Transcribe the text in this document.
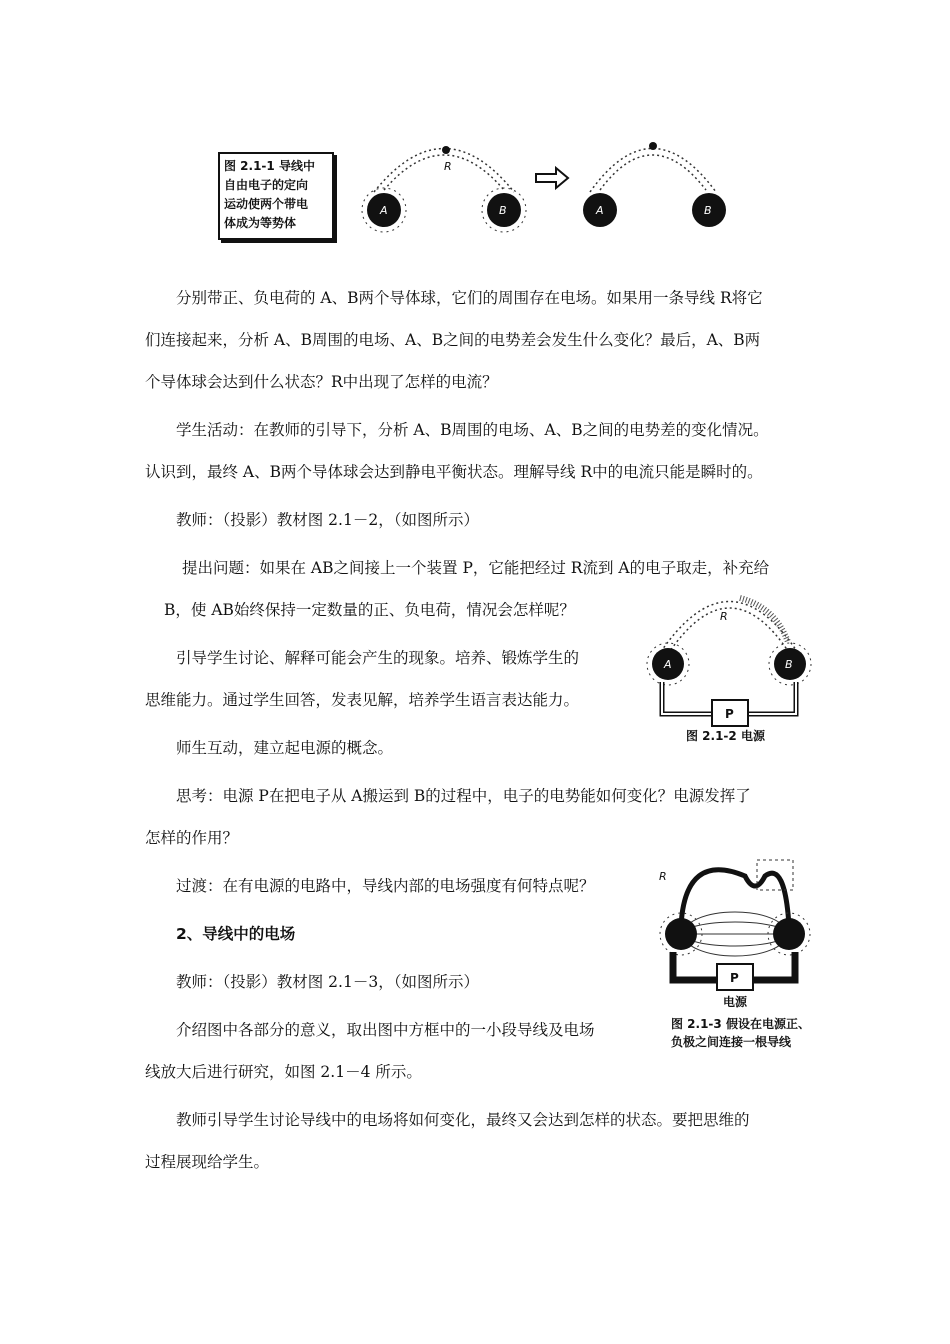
图 2.1-1 导线中
自由电子的定向
运动使两个带电
体成为等势体
R
A	B	A	B
分别带正、负电荷的 A、B两个导体球，它们的周围存在电场。如果用一条导线 R将它
们连接起来，分析 A、B周围的电场、A、B之间的电势差会发生什么变化？最后，A、B两
个导体球会达到什么状态？R中出现了怎样的电流？
学生活动：在教师的引导下，分析 A、B周围的电场、A、B之间的电势差的变化情况。
认识到，最终 A、B两个导体球会达到静电平衡状态。理解导线 R中的电流只能是瞬时的。
教师：（投影）教材图 2.1－2，（如图所示）
提出问题：如果在 AB之间接上一个装置 P，它能把经过 R流到 A的电子取走，补充给
B，使 AB始终保持一定数量的正、负电荷，情况会怎样呢？
引导学生讨论、解释可能会产生的现象。培养、锻炼学生的
思维能力。通过学生回答，发表见解，培养学生语言表达能力。
师生互动，建立起电源的概念。
思考：电源 P在把电子从 A搬运到 B的过程中，电子的电势能如何变化？电源发挥了
怎样的作用？
过渡：在有电源的电路中，导线内部的电场强度有何特点呢？
2、导线中的电场
教师：（投影）教材图 2.1－3，（如图所示）
介绍图中各部分的意义，取出图中方框中的一小段导线及电场
线放大后进行研究，如图 2.1－4 所示。
教师引导学生讨论导线中的电场将如何变化，最终又会达到怎样的状态。要把思维的
过程展现给学生。
R
A	B
P
图 2.1-2 电源
R
P
电源
图 2.1-3 假设在电源正、
负极之间连接一根导线
